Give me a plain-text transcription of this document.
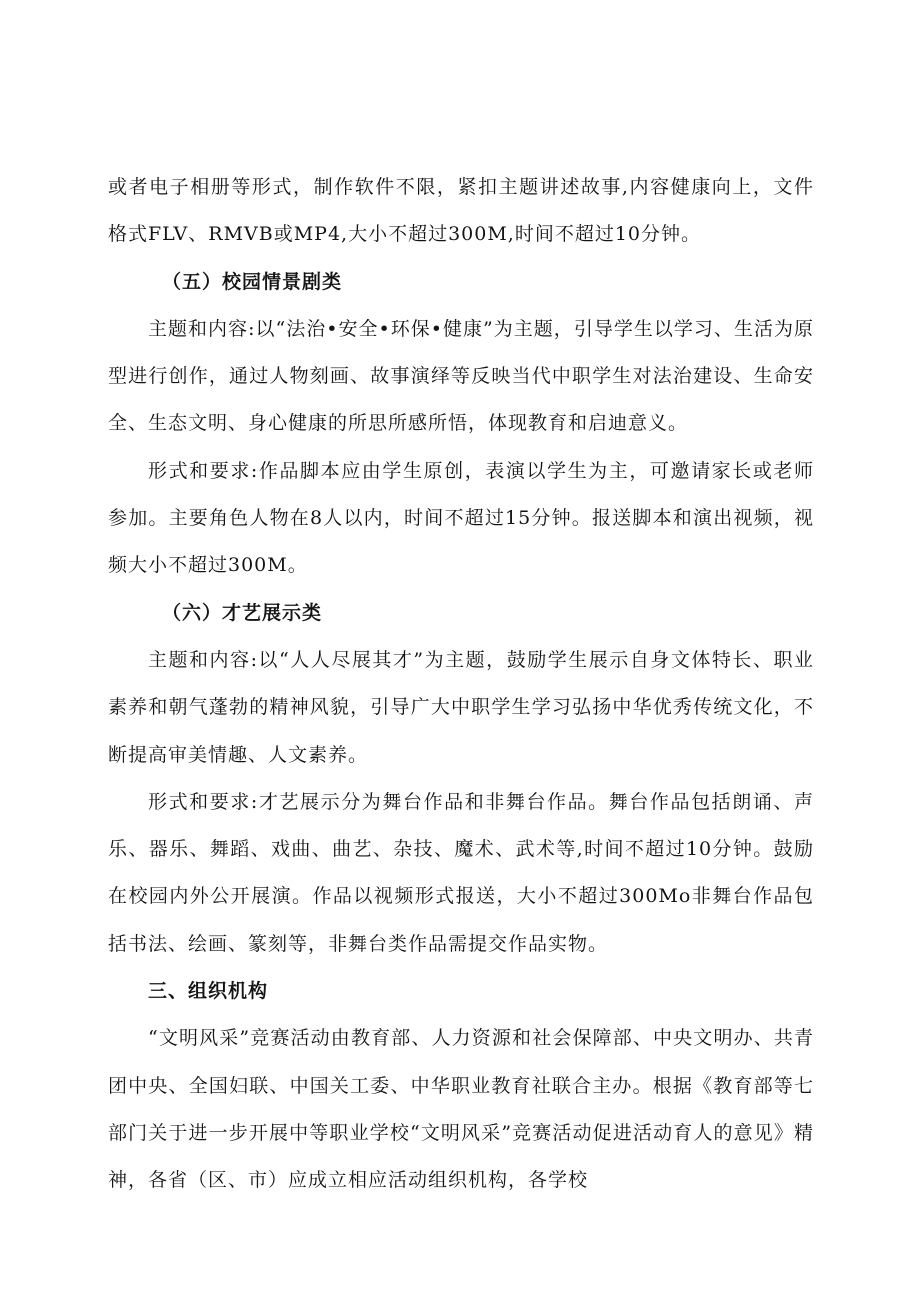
或者电子相册等形式，制作软件不限，紧扣主题讲述故事,内容健康向上，文件格式FLV、RMVB或MP4,大小不超过300M,时间不超过10分钟。

（五）校园情景剧类

主题和内容:以“法治•安全•环保•健康”为主题，引导学生以学习、生活为原型进行创作，通过人物刻画、故事演绎等反映当代中职学生对法治建设、生命安全、生态文明、身心健康的所思所感所悟，体现教育和启迪意义。

形式和要求:作品脚本应由学生原创，表演以学生为主，可邀请家长或老师参加。主要角色人物在8人以内，时间不超过15分钟。报送脚本和演出视频，视频大小不超过300M。

（六）才艺展示类

主题和内容:以“人人尽展其才”为主题，鼓励学生展示自身文体特长、职业素养和朝气蓬勃的精神风貌，引导广大中职学生学习弘扬中华优秀传统文化，不断提高审美情趣、人文素养。

形式和要求:才艺展示分为舞台作品和非舞台作品。舞台作品包括朗诵、声乐、器乐、舞蹈、戏曲、曲艺、杂技、魔术、武术等,时间不超过10分钟。鼓励在校园内外公开展演。作品以视频形式报送，大小不超过300Mo非舞台作品包括书法、绘画、篆刻等，非舞台类作品需提交作品实物。

三、组织机构

“文明风采”竞赛活动由教育部、人力资源和社会保障部、中央文明办、共青团中央、全国妇联、中国关工委、中华职业教育社联合主办。根据《教育部等七部门关于进一步开展中等职业学校“文明风采”竞赛活动促进活动育人的意见》精神，各省（区、市）应成立相应活动组织机构，各学校
